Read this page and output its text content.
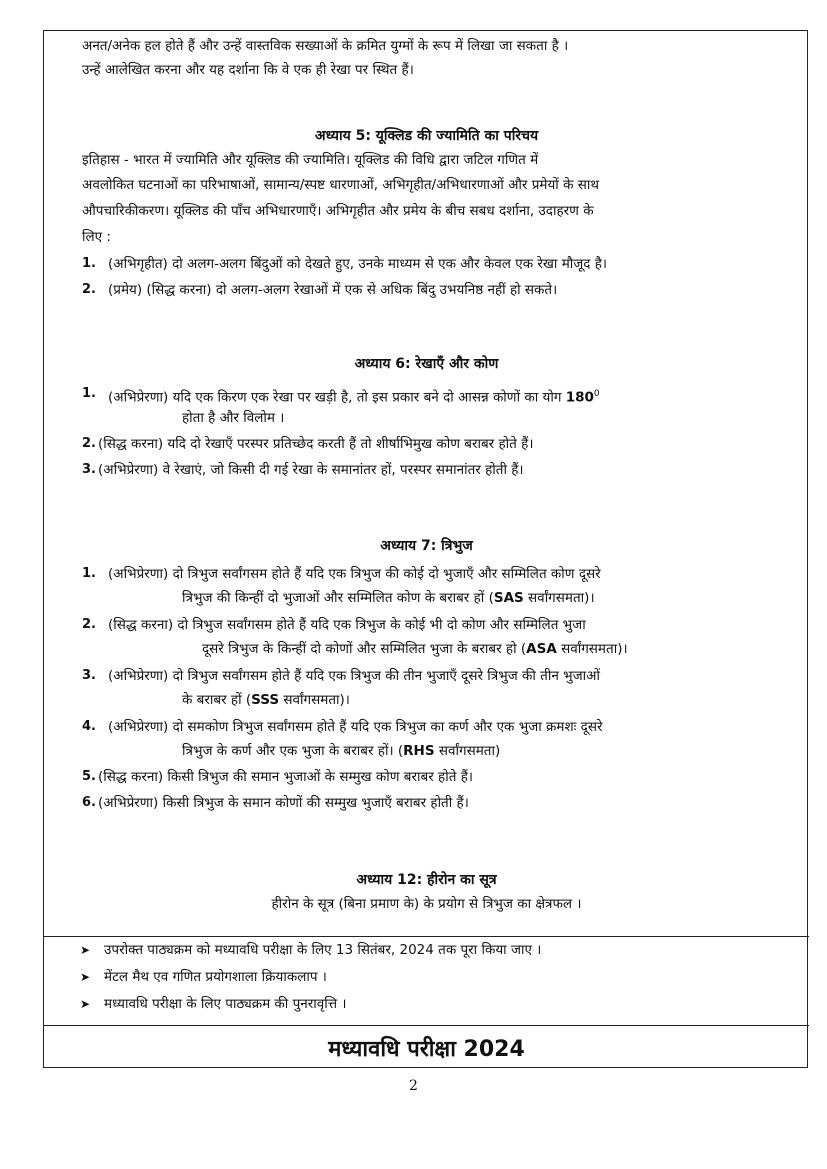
अनत/अनेक हल होते हैं और उन्हें वास्तविक सख्याओं के क्रमित युग्मों के रूप में लिखा जा सकता है ।
उन्हें आलेखित करना और यह दर्शाना कि वे एक ही रेखा पर स्थित हैं।
अध्याय 5: यूक्लिड की ज्यामिति का परिचय
इतिहास - भारत में ज्यामिति और यूक्लिड की ज्यामिति। यूक्लिड की विधि द्वारा जटिल गणित में
अवलोकित घटनाओं का परिभाषाओं, सामान्य/स्पष्ट धारणाओं, अभिगृहीत/अभिधारणाओं और प्रमेयों के साथ
औपचारिकीकरण। यूक्लिड की पाँच अभिधारणाएँ। अभिगृहीत और प्रमेय के बीच सबध दर्शाना, उदाहरण के
लिए :
1. (अभिगृहीत) दो अलग-अलग बिंदुओं को देखते हुए, उनके माध्यम से एक और केवल एक रेखा मौजूद है।
2. (प्रमेय) (सिद्ध करना) दो अलग-अलग रेखाओं में एक से अधिक बिंदु उभयनिष्ठ नहीं हो सकते।
अध्याय 6: रेखाएँ और कोण
1. (अभिप्रेरणा) यदि एक किरण एक रेखा पर खड़ी है, तो इस प्रकार बने दो आसन्न कोणों का योग $180^0$
होता है और विलोम ।
2. (सिद्ध करना) यदि दो रेखाएँ परस्पर प्रतिच्छेद करती हैं तो शीर्षाभिमुख कोण बराबर होते हैं।
3. (अभिप्रेरणा) वे रेखाएं, जो किसी दी गई रेखा के समानांतर हों, परस्पर समानांतर होती हैं।
अध्याय 7: त्रिभुज
1. (अभिप्रेरणा) दो त्रिभुज सर्वांगसम होते हैं यदि एक त्रिभुज की कोई दो भुजाएँ और सम्मिलित कोण दूसरे
त्रिभुज की किन्हीं दो भुजाओं और सम्मिलित कोण के बराबर हों (SAS सर्वांगसमता)।
2. (सिद्ध करना) दो त्रिभुज सर्वांगसम होते हैं यदि एक त्रिभुज के कोई भी दो कोण और सम्मिलित भुजा
दूसरे त्रिभुज के किन्हीं दो कोणों और सम्मिलित भुजा के बराबर हो (ASA सर्वांगसमता)।
3. (अभिप्रेरणा) दो त्रिभुज सर्वांगसम होते हैं यदि एक त्रिभुज की तीन भुजाएँ दूसरे त्रिभुज की तीन भुजाओं
के बराबर हों (SSS सर्वांगसमता)।
4. (अभिप्रेरणा) दो समकोण त्रिभुज सर्वांगसम होते हैं यदि एक त्रिभुज का कर्ण और एक भुजा क्रमशः दूसरे
त्रिभुज के कर्ण और एक भुजा के बराबर हों। (RHS सर्वांगसमता)
5. (सिद्ध करना) किसी त्रिभुज की समान भुजाओं के सम्मुख कोण बराबर होते हैं।
6. (अभिप्रेरणा) किसी त्रिभुज के समान कोणों की सम्मुख भुजाएँ बराबर होती हैं।
अध्याय 12: हीरोन का सूत्र
हीरोन के सूत्र (बिना प्रमाण के) के प्रयोग से त्रिभुज का क्षेत्रफल ।
➤ उपरोक्त पाठ्यक्रम को मध्यावधि परीक्षा के लिए 13 सितंबर, 2024 तक पूरा किया जाए ।
➤ मेंटल मैथ एव गणित प्रयोगशाला क्रियाकलाप ।
➤ मध्यावधि परीक्षा के लिए पाठ्यक्रम की पुनरावृत्ति ।
मध्यावधि परीक्षा 2024
2
